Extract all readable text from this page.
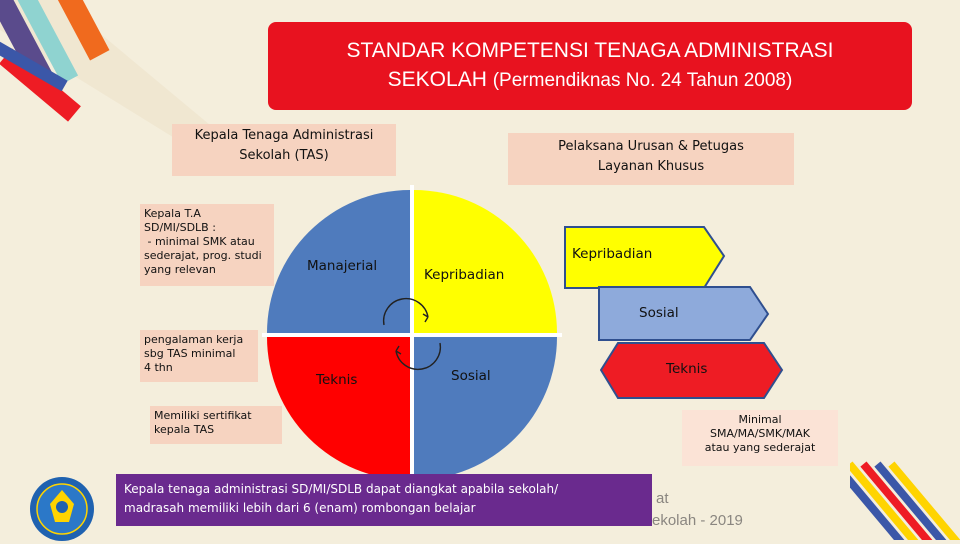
STANDAR KOMPETENSI TENAGA ADMINISTRASI
SEKOLAH (Permendiknas No. 24 Tahun 2008)
Kepala Tenaga Administrasi
Sekolah (TAS)
Pelaksana Urusan & Petugas
Layanan Khusus
Kepala T.A
SD/MI/SDLB :
- minimal SMK atau
sederajat, prog. studi
yang relevan
pengalaman kerja
sbg TAS minimal
4 thn
Memiliki sertifikat
kepala TAS
Minimal
SMA/MA/SMK/MAK
atau yang sederajat
Manajerial
Kepribadian
Teknis	Sosial
Kepribadian
Sosial
Teknis
at
ekolah - 2019
Kepala tenaga administrasi SD/MI/SDLB dapat diangkat apabila sekolah/
madrasah memiliki lebih dari 6 (enam) rombongan belajar
